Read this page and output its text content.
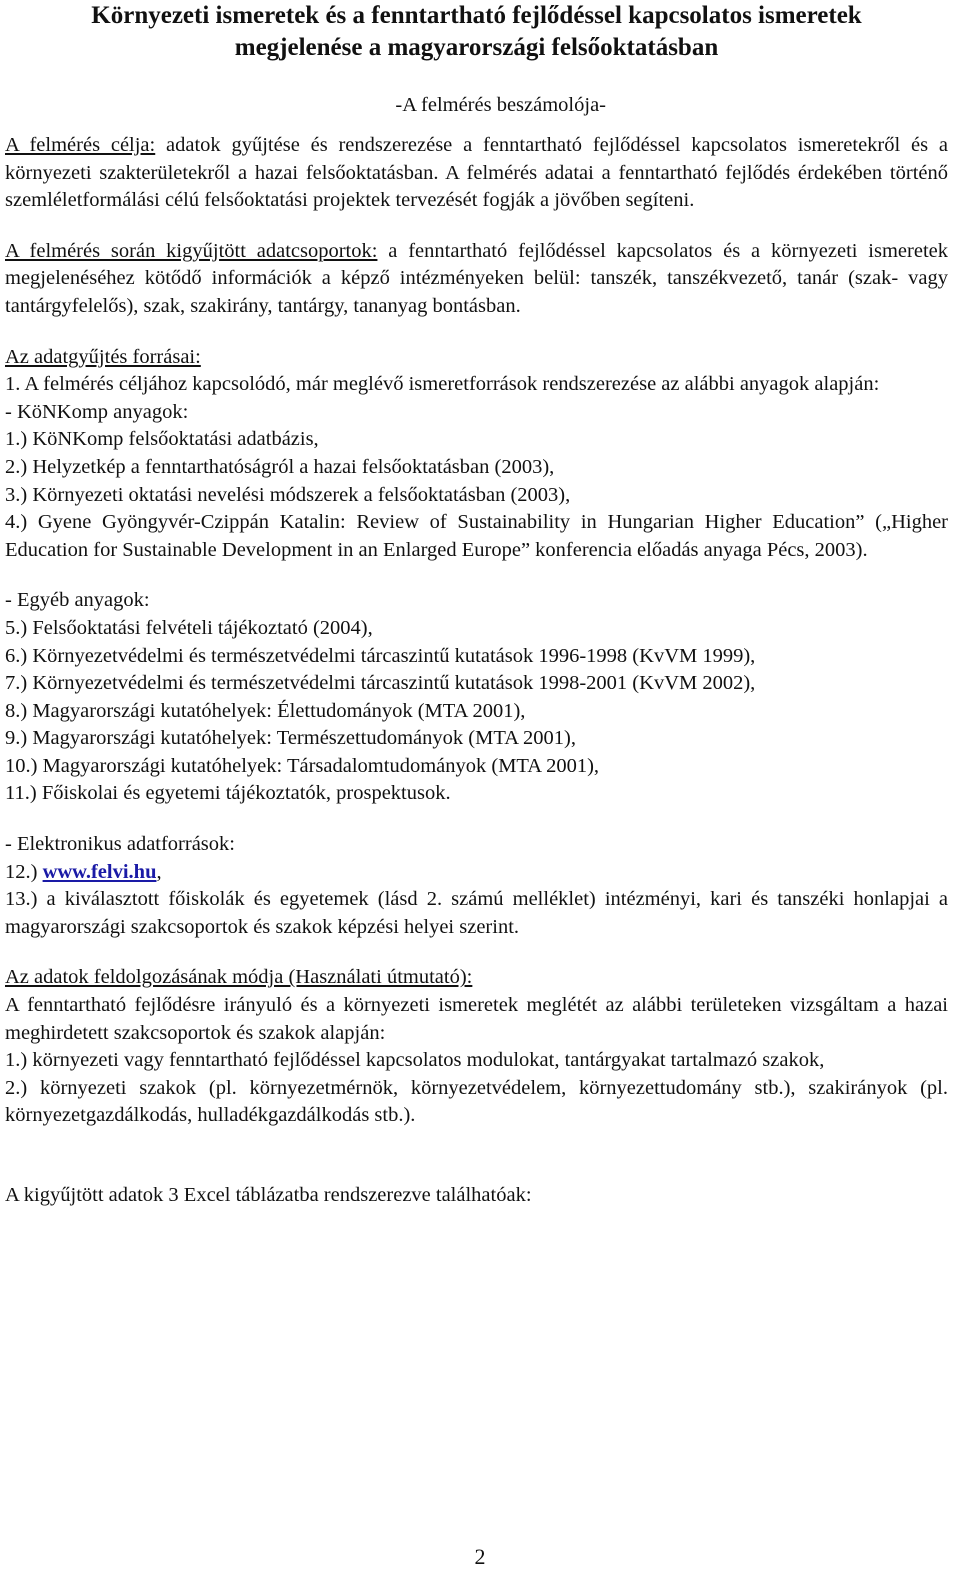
Környezeti ismeretek és a fenntartható fejlődéssel kapcsolatos ismeretek
megjelenése a magyarországi felsőoktatásban

-A felmérés beszámolója-

A felmérés célja: adatok gyűjtése és rendszerezése a fenntartható fejlődéssel kapcsolatos ismeretekről és a környezeti szakterületekről a hazai felsőoktatásban. A felmérés adatai a fenntartható fejlődés érdekében történő szemléletformálási célú felsőoktatási projektek tervezését fogják a jövőben segíteni.

A felmérés során kigyűjtött adatcsoportok: a fenntartható fejlődéssel kapcsolatos és a környezeti ismeretek megjelenéséhez kötődő információk a képző intézményeken belül: tanszék, tanszékvezető, tanár (szak- vagy tantárgyfelelős), szak, szakirány, tantárgy, tananyag bontásban.

Az adatgyűjtés forrásai:

1. A felmérés céljához kapcsolódó, már meglévő ismeretforrások rendszerezése az alábbi anyagok alapján:

- KöNKomp anyagok:

1.) KöNKomp felsőoktatási adatbázis,

2.) Helyzetkép a fenntarthatóságról a hazai felsőoktatásban (2003),

3.) Környezeti oktatási nevelési módszerek a felsőoktatásban (2003),

4.) Gyene Gyöngyvér-Czippán Katalin: Review of Sustainability in Hungarian Higher Education” („Higher Education for Sustainable Development in an Enlarged Europe” konferencia előadás anyaga Pécs, 2003).

- Egyéb anyagok:

5.) Felsőoktatási felvételi tájékoztató (2004),

6.) Környezetvédelmi és természetvédelmi tárcaszintű kutatások 1996-1998 (KvVM 1999),

7.) Környezetvédelmi és természetvédelmi tárcaszintű kutatások 1998-2001 (KvVM 2002),

8.) Magyarországi kutatóhelyek: Élettudományok (MTA 2001),

9.) Magyarországi kutatóhelyek: Természettudományok (MTA 2001),

10.) Magyarországi kutatóhelyek: Társadalomtudományok (MTA 2001),

11.) Főiskolai és egyetemi tájékoztatók, prospektusok.

- Elektronikus adatforrások:

12.) www.felvi.hu,

13.) a kiválasztott főiskolák és egyetemek (lásd 2. számú melléklet) intézményi, kari és tanszéki honlapjai a magyarországi szakcsoportok és szakok képzési helyei szerint.

Az adatok feldolgozásának módja (Használati útmutató):

A fenntartható fejlődésre irányuló és a környezeti ismeretek meglétét az alábbi területeken vizsgáltam a hazai meghirdetett szakcsoportok és szakok alapján:

1.) környezeti vagy fenntartható fejlődéssel kapcsolatos modulokat, tantárgyakat tartalmazó szakok,

2.) környezeti szakok (pl. környezetmérnök, környezetvédelem, környezettudomány stb.), szakirányok (pl. környezetgazdálkodás, hulladékgazdálkodás stb.).

A kigyűjtött adatok 3 Excel táblázatba rendszerezve találhatóak:

2
